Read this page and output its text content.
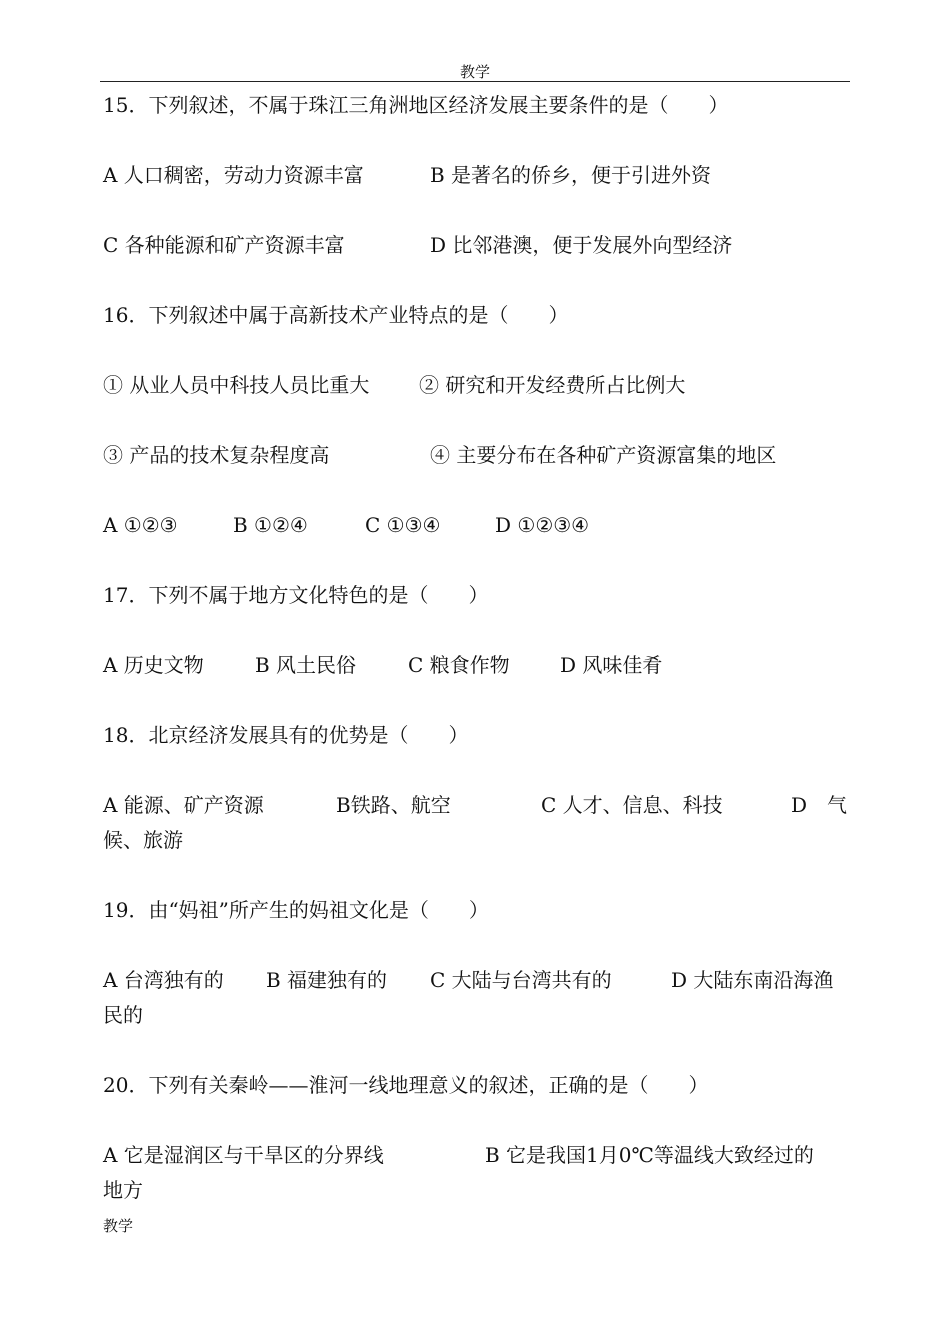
教学
15．下列叙述，不属于珠江三角洲地区经济发展主要条件的是（　　）

A 人口稠密，劳动力资源丰富

	B 是著名的侨乡，便于引进外资

C 各种能源和矿产资源丰富

	D 比邻港澳，便于发展外向型经济

16．下列叙述中属于高新技术产业特点的是（　　）

① 从业人员中科技人员比重大

② 研究和开发经费所占比例大

③ 产品的技术复杂程度高

	④ 主要分布在各种矿产资源富集的地区

A ①②③

	B ①②④

	C ①③④

	D ①②③④

17．下列不属于地方文化特色的是（　　）

A 历史文物

	B 风土民俗

	C 粮食作物

	D 风味佳肴

18．北京经济发展具有的优势是（　　）

A 能源、矿产资源

	B铁路、航空

	C 人才、信息、科技

	D　气

候、旅游
19．由“妈祖”所产生的妈祖文化是（　　）

A 台湾独有的

B 福建独有的

C 大陆与台湾共有的

	D 大陆东南沿海渔

民的
20．下列有关秦岭——淮河一线地理意义的叙述，正确的是（　　）

A 它是湿润区与干旱区的分界线

	B 它是我国1月0℃等温线大致经过的

地方
教学
